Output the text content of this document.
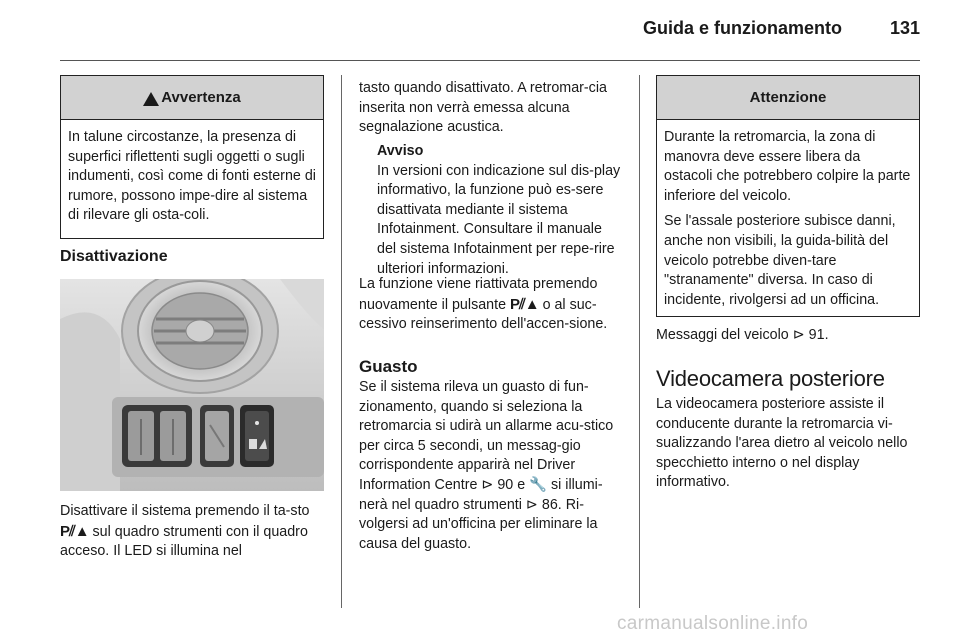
Guida e funzionamento	131
Avvertenza

In talune circostanze, la presenza di superfici riflettenti sugli oggetti o sugli indumenti, così come di fonti esterne di rumore, possono impe-dire al sistema di rilevare gli osta-coli.

Disattivazione
Disattivare il sistema premendo il ta-sto P⫽▲ sul quadro strumenti con il quadro acceso. Il LED si illumina nel
tasto quando disattivato. A retromar-cia inserita non verrà emessa alcuna segnalazione acustica.
Avviso
In versioni con indicazione sul dis-play informativo, la funzione può es-sere disattivata mediante il sistema Infotainment. Consultare il manuale del sistema Infotainment per repe-rire ulteriori informazioni.
La funzione viene riattivata premendo nuovamente il pulsante P⫽▲ o al suc-cessivo reinserimento dell'accen-sione.
Guasto
Se il sistema rileva un guasto di fun-zionamento, quando si seleziona la retromarcia si udirà un allarme acu-stico per circa 5 secondi, un messag-gio corrispondente apparirà nel Driver Information Centre ⊳ 90 e 🔧 si illumi-nerà nel quadro strumenti ⊳ 86. Ri-volgersi ad un'officina per eliminare la causa del guasto.
Attenzione

Durante la retromarcia, la zona di manovra deve essere libera da ostacoli che potrebbero colpire la parte inferiore del veicolo.

Se l'assale posteriore subisce danni, anche non visibili, la guida-bilità del veicolo potrebbe diven-tare "stranamente" diversa. In caso di incidente, rivolgersi ad un officina.

Messaggi del veicolo ⊳ 91.
Videocamera posteriore
La videocamera posteriore assiste il conducente durante la retromarcia vi-sualizzando l'area dietro al veicolo nello specchietto interno o nel display informativo.
carmanualsonline.info
